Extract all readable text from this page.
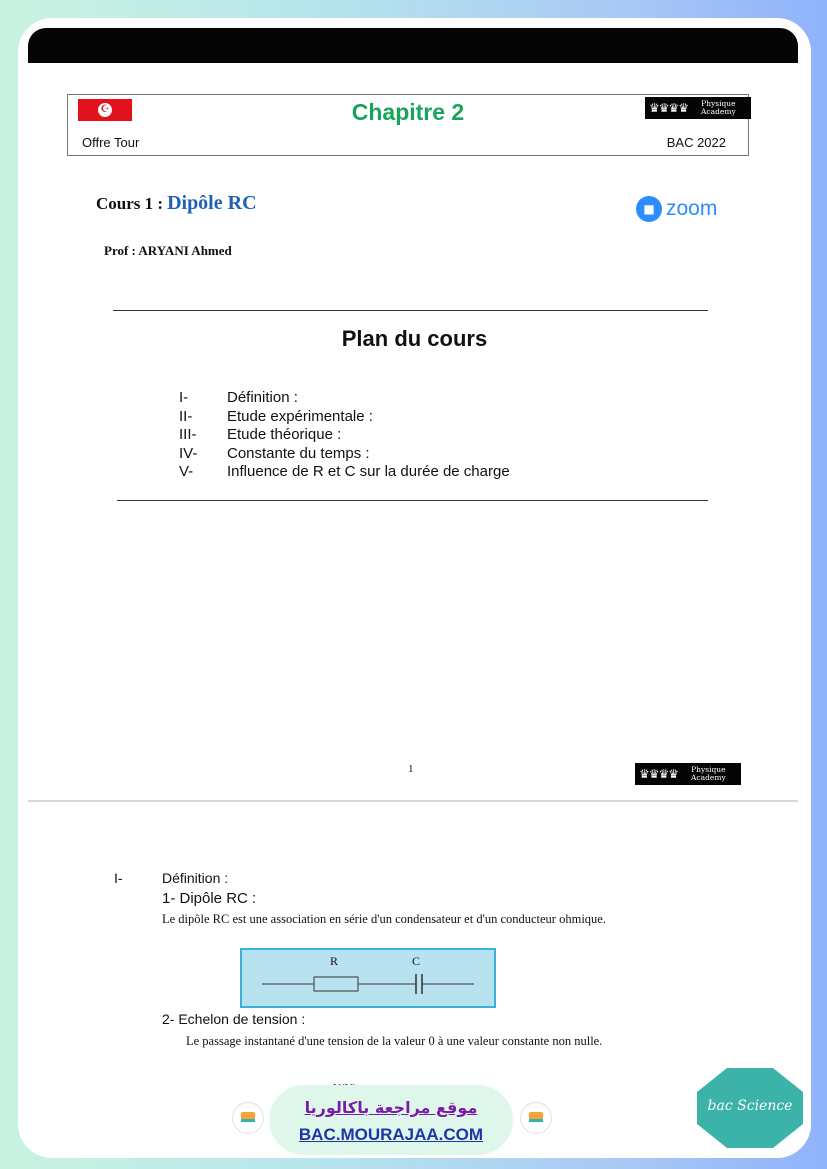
☪	Chapitre 2
Offre Tour	BAC 2022
♛♛♛♛	Physique
Academy
Cours 1 : Dipôle RC	■ zoom
Prof : ARYANI Ahmed
Plan du cours
I-	Définition :
II-	Etude expérimentale :
III-	Etude théorique :
IV-	Constante du temps :
V-	Influence de R et C sur la durée de charge
1	♛♛♛♛	Physique
Academy
I-	Définition :
1- Dipôle RC :
Le dipôle RC est une association en série d'un condensateur et d'un conducteur ohmique.
R	C
2- Echelon de tension :
Le passage instantané d'une tension de la valeur 0 à une valeur constante non nulle.
موقع مراجعة باكالوريا
BAC.MOURAJAA.COM
bac Science
